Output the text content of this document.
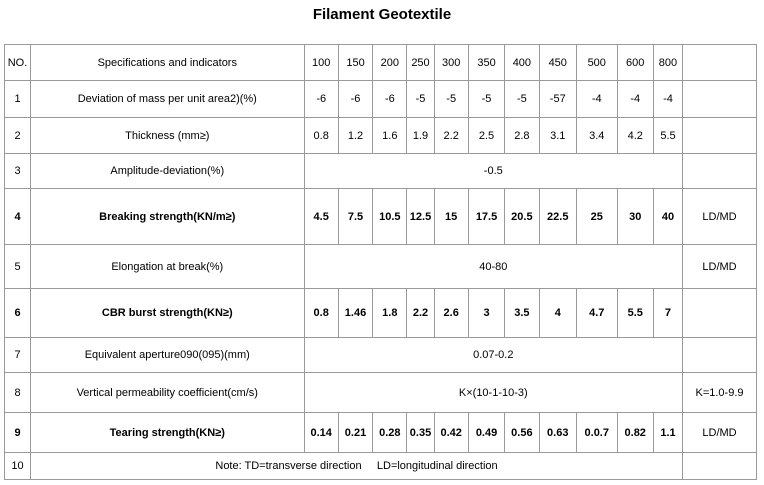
Filament Geotextile
NO.	Specifications and indicators	100	150	200	250	300	350	400	450	500	600	800	
1	Deviation of mass per unit area2)(%)	-6	-6	-6	-5	-5	-5	-5	-57	-4	-4	-4	
2	Thickness (mm≥)	0.8	1.2	1.6	1.9	2.2	2.5	2.8	3.1	3.4	4.2	5.5	
3	Amplitude-deviation(%)	-0.5											
4	Breaking strength(KN/m≥)	4.5	7.5	10.5	12.5	15	17.5	20.5	22.5	25	30	40	LD/MD
5	Elongation at break(%)	40-80											LD/MD
6	CBR burst strength(KN≥)	0.8	1.46	1.8	2.2	2.6	3	3.5	4	4.7	5.5	7	
7	Equivalent aperture090(095)(mm)	0.07-0.2											
8	Vertical permeability coefficient(cm/s)	K×(10-1-10-3)											K=1.0-9.9
9	Tearing strength(KN≥)	0.14	0.21	0.28	0.35	0.42	0.49	0.56	0.63	0.0.7	0.82	1.1	LD/MD
10	Note: TD=transverse direction     LD=longitudinal direction												
